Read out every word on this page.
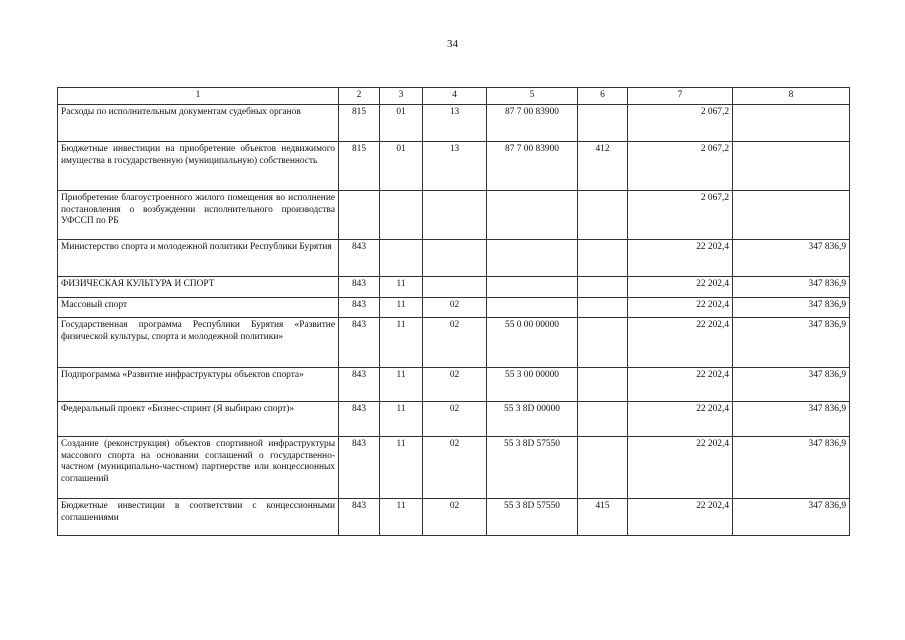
34
1	2	3	4	5	6	7	8
Расходы по исполнительным документам судебных органов	815	01	13	87 7 00 83900		2 067,2	
Бюджетные инвестиции на приобретение объектов недвижимого имущества в государственную (муниципальную) собственность	815	01	13	87 7 00 83900	412	2 067,2	
Приобретение благоустроенного жилого помещения во исполнение постановления о возбуждении исполнительного производства УФССП по РБ						2 067,2	
Министерство спорта и молодежной политики Республики Бурятия	843					22 202,4	347 836,9
ФИЗИЧЕСКАЯ КУЛЬТУРА И СПОРТ	843	11				22 202,4	347 836,9
Массовый спорт	843	11	02			22 202,4	347 836,9
Государственная программа Республики Бурятия «Развитие физической культуры, спорта и молодежной политики»	843	11	02	55 0 00 00000		22 202,4	347 836,9
Подпрограмма «Развитие инфраструктуры объектов спорта»	843	11	02	55 3 00 00000		22 202,4	347 836,9
Федеральный проект «Бизнес-спринт (Я выбираю спорт)»	843	11	02	55 3 8D 00000		22 202,4	347 836,9
Создание (реконструкция) объектов спортивной инфраструктуры массового спорта на основании соглашений о государственно-частном (муниципально-частном) партнерстве или концессионных соглашений	843	11	02	55 3 8D 57550		22 202,4	347 836,9
Бюджетные инвестиции в соответствии с концессионными соглашениями	843	11	02	55 3 8D 57550	415	22 202,4	347 836,9
